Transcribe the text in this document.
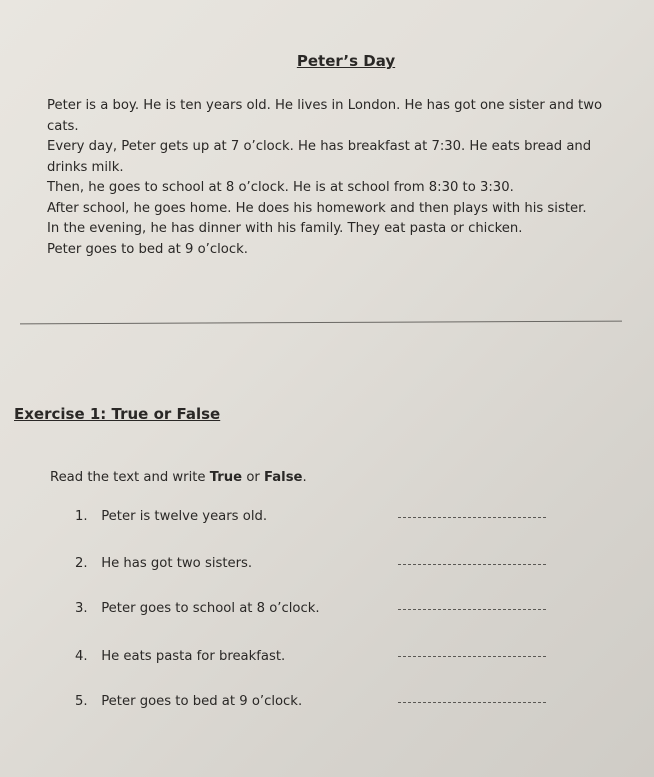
Peter’s Day

Peter is a boy. He is ten years old. He lives in London. He has got one sister and two cats.

Every day, Peter gets up at 7 o’clock. He has breakfast at 7:30. He eats bread and drinks milk.

Then, he goes to school at 8 o’clock. He is at school from 8:30 to 3:30.

After school, he goes home. He does his homework and then plays with his sister.

In the evening, he has dinner with his family. They eat pasta or chicken.

Peter goes to bed at 9 o’clock.

Exercise 1: True or False
Read the text and write True or False.
1. Peter is twelve years old.
2. He has got two sisters.
3. Peter goes to school at 8 o’clock.
4. He eats pasta for breakfast.
5. Peter goes to bed at 9 o’clock.
